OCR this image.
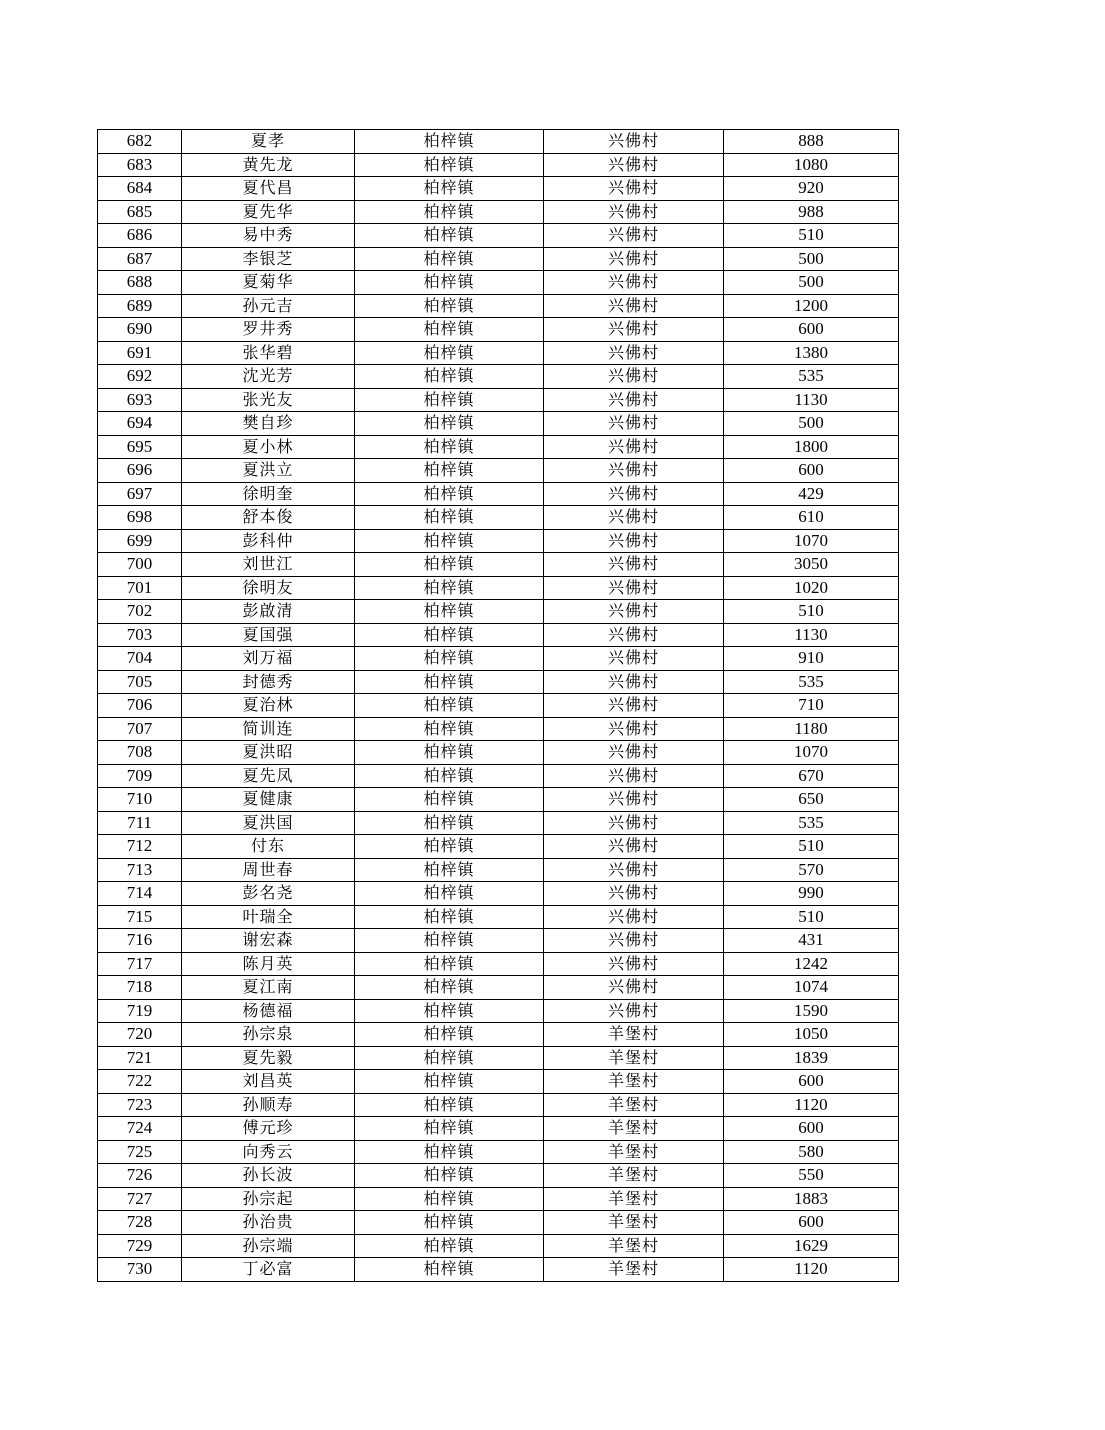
682	夏孝	柏梓镇	兴佛村	888
683	黄先龙	柏梓镇	兴佛村	1080
684	夏代昌	柏梓镇	兴佛村	920
685	夏先华	柏梓镇	兴佛村	988
686	易中秀	柏梓镇	兴佛村	510
687	李银芝	柏梓镇	兴佛村	500
688	夏菊华	柏梓镇	兴佛村	500
689	孙元吉	柏梓镇	兴佛村	1200
690	罗井秀	柏梓镇	兴佛村	600
691	张华碧	柏梓镇	兴佛村	1380
692	沈光芳	柏梓镇	兴佛村	535
693	张光友	柏梓镇	兴佛村	1130
694	樊自珍	柏梓镇	兴佛村	500
695	夏小林	柏梓镇	兴佛村	1800
696	夏洪立	柏梓镇	兴佛村	600
697	徐明奎	柏梓镇	兴佛村	429
698	舒本俊	柏梓镇	兴佛村	610
699	彭科仲	柏梓镇	兴佛村	1070
700	刘世江	柏梓镇	兴佛村	3050
701	徐明友	柏梓镇	兴佛村	1020
702	彭啟清	柏梓镇	兴佛村	510
703	夏国强	柏梓镇	兴佛村	1130
704	刘万福	柏梓镇	兴佛村	910
705	封德秀	柏梓镇	兴佛村	535
706	夏治林	柏梓镇	兴佛村	710
707	简训连	柏梓镇	兴佛村	1180
708	夏洪昭	柏梓镇	兴佛村	1070
709	夏先凤	柏梓镇	兴佛村	670
710	夏健康	柏梓镇	兴佛村	650
711	夏洪国	柏梓镇	兴佛村	535
712	付东	柏梓镇	兴佛村	510
713	周世春	柏梓镇	兴佛村	570
714	彭名尧	柏梓镇	兴佛村	990
715	叶瑞全	柏梓镇	兴佛村	510
716	谢宏森	柏梓镇	兴佛村	431
717	陈月英	柏梓镇	兴佛村	1242
718	夏江南	柏梓镇	兴佛村	1074
719	杨德福	柏梓镇	兴佛村	1590
720	孙宗泉	柏梓镇	羊堡村	1050
721	夏先毅	柏梓镇	羊堡村	1839
722	刘昌英	柏梓镇	羊堡村	600
723	孙顺寿	柏梓镇	羊堡村	1120
724	傅元珍	柏梓镇	羊堡村	600
725	向秀云	柏梓镇	羊堡村	580
726	孙长波	柏梓镇	羊堡村	550
727	孙宗起	柏梓镇	羊堡村	1883
728	孙治贵	柏梓镇	羊堡村	600
729	孙宗端	柏梓镇	羊堡村	1629
730	丁必富	柏梓镇	羊堡村	1120
